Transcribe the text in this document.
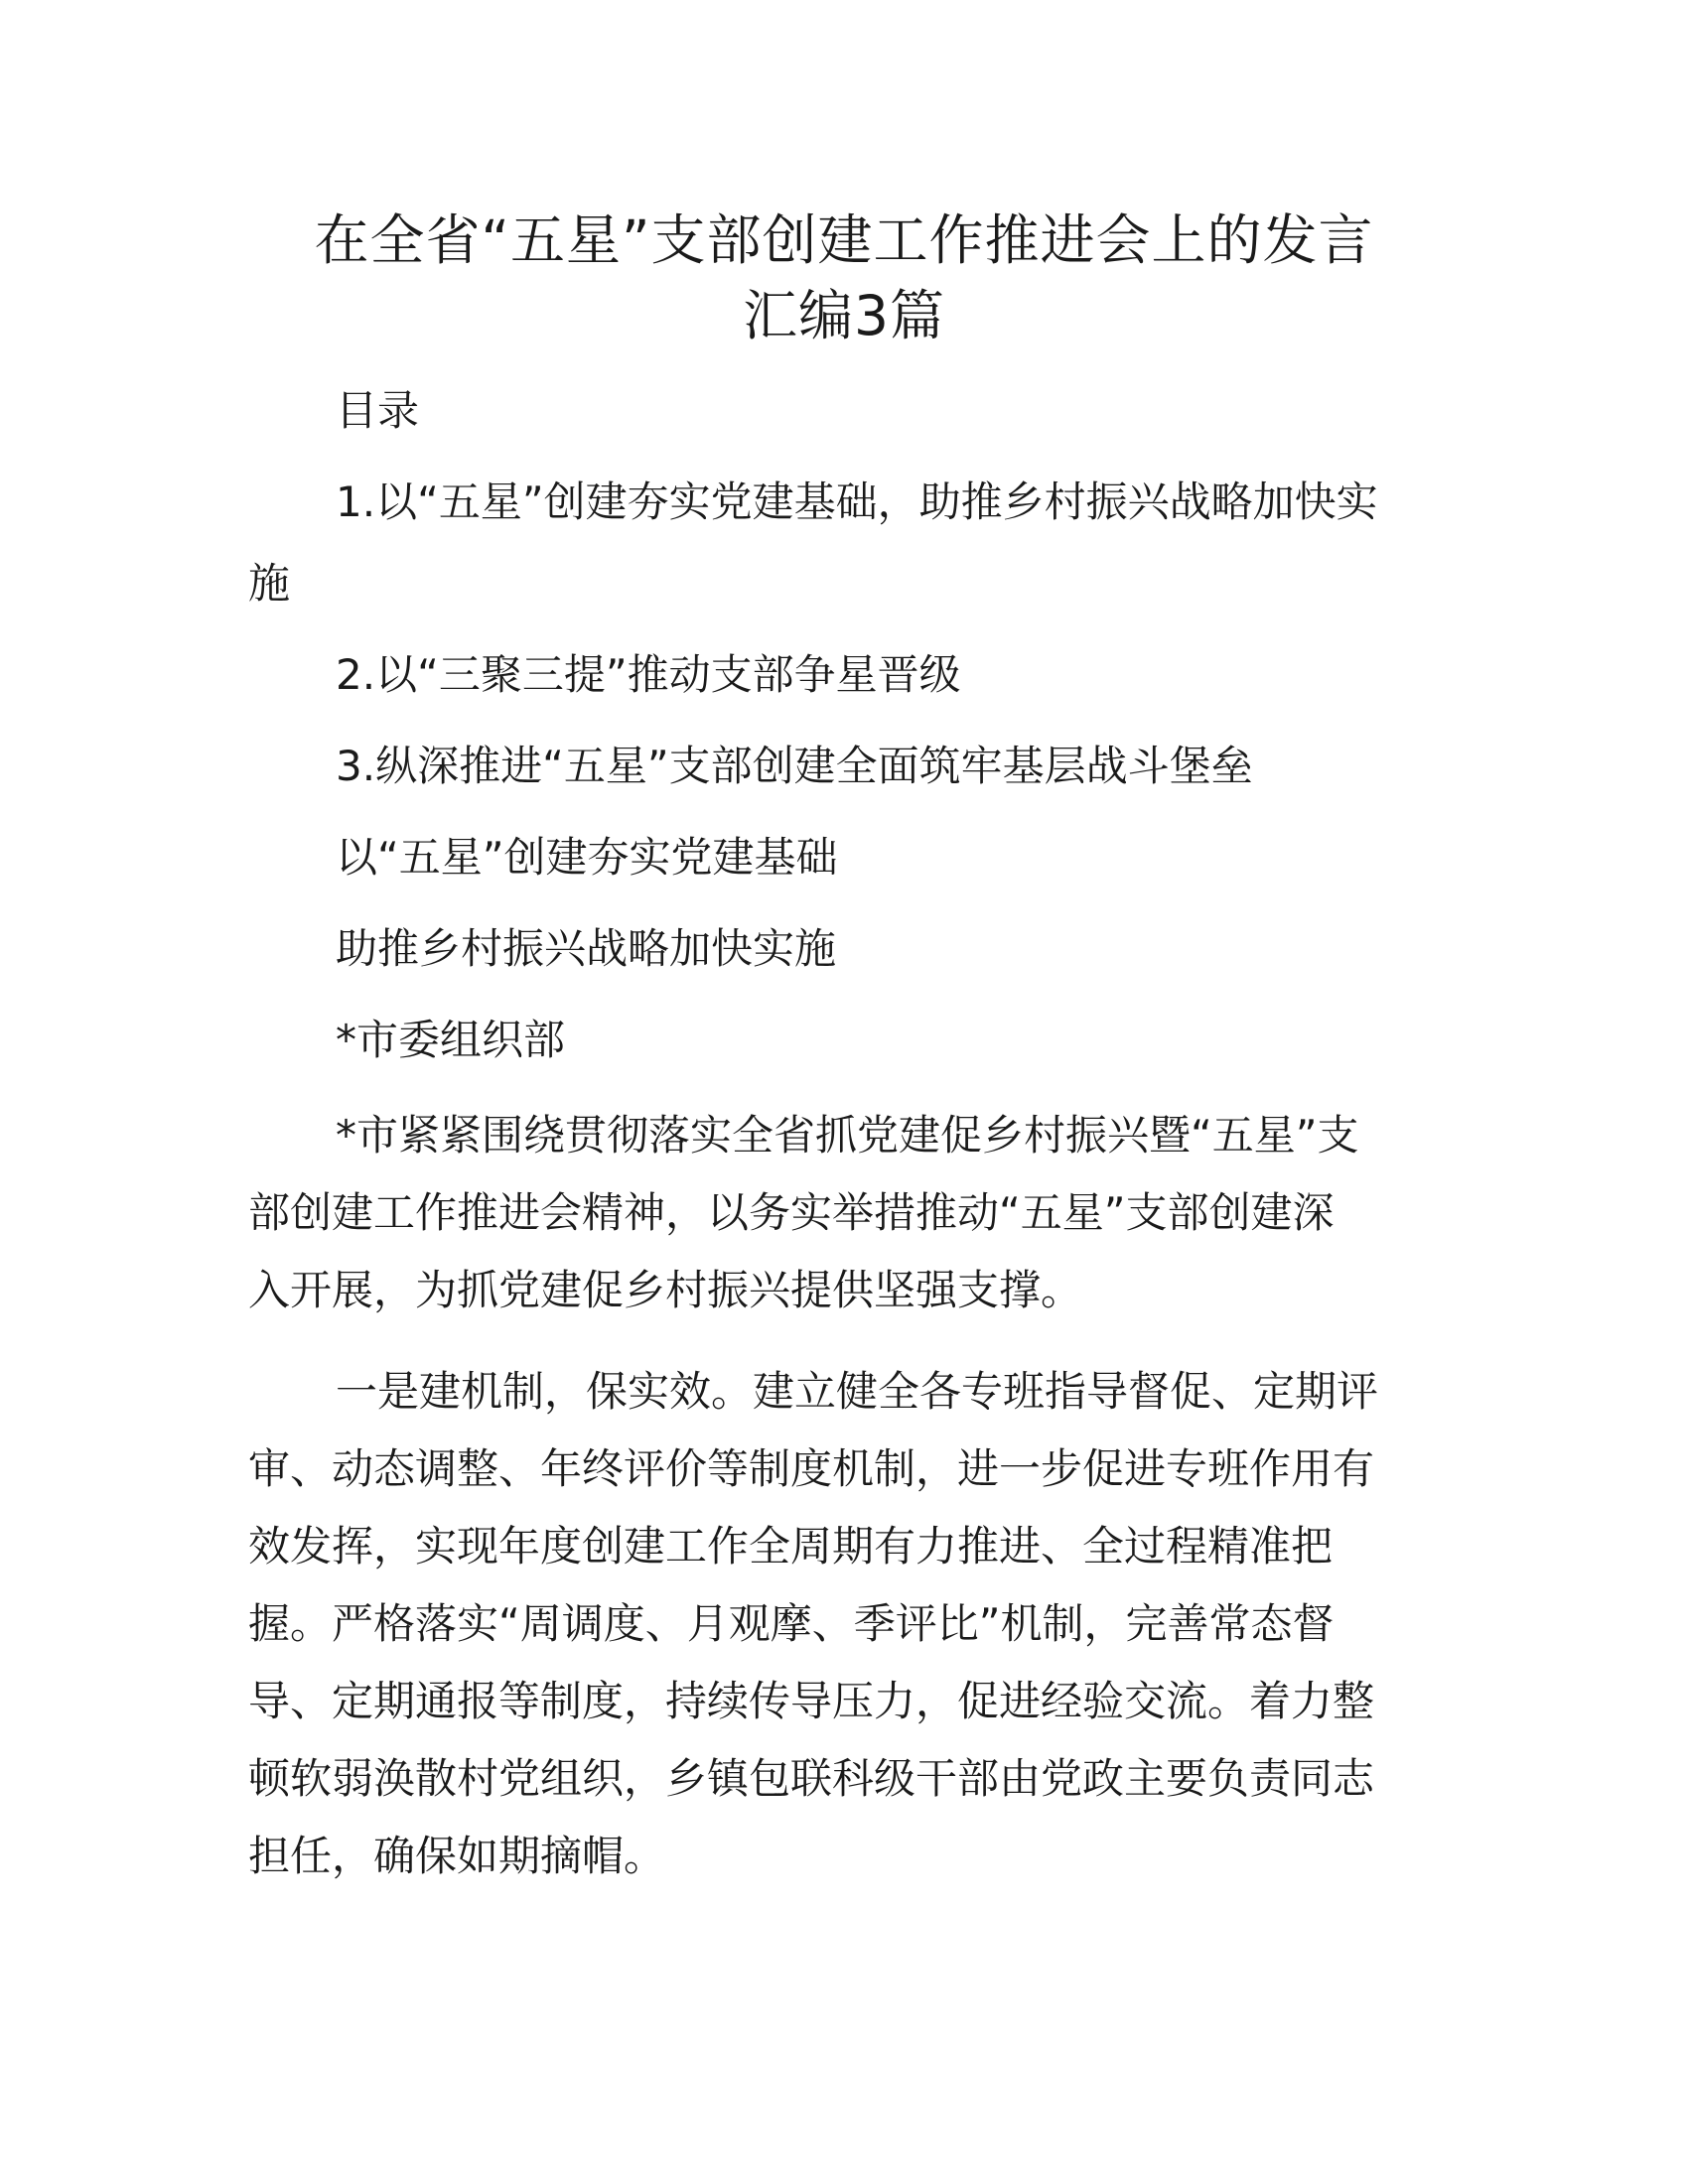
在全省“五星”支部创建工作推进会上的发言
汇编3篇

目录

1.以“五星”创建夯实党建基础，助推乡村振兴战略加快实

施

2.以“三聚三提”推动支部争星晋级

3.纵深推进“五星”支部创建全面筑牢基层战斗堡垒

以“五星”创建夯实党建基础

助推乡村振兴战略加快实施

*市委组织部

*市紧紧围绕贯彻落实全省抓党建促乡村振兴暨“五星”支

部创建工作推进会精神，以务实举措推动“五星”支部创建深

入开展，为抓党建促乡村振兴提供坚强支撑。

一是建机制，保实效。建立健全各专班指导督促、定期评

审、动态调整、年终评价等制度机制，进一步促进专班作用有

效发挥，实现年度创建工作全周期有力推进、全过程精准把

握。严格落实“周调度、月观摩、季评比”机制，完善常态督

导、定期通报等制度，持续传导压力，促进经验交流。着力整

顿软弱涣散村党组织，乡镇包联科级干部由党政主要负责同志

担任，确保如期摘帽。
